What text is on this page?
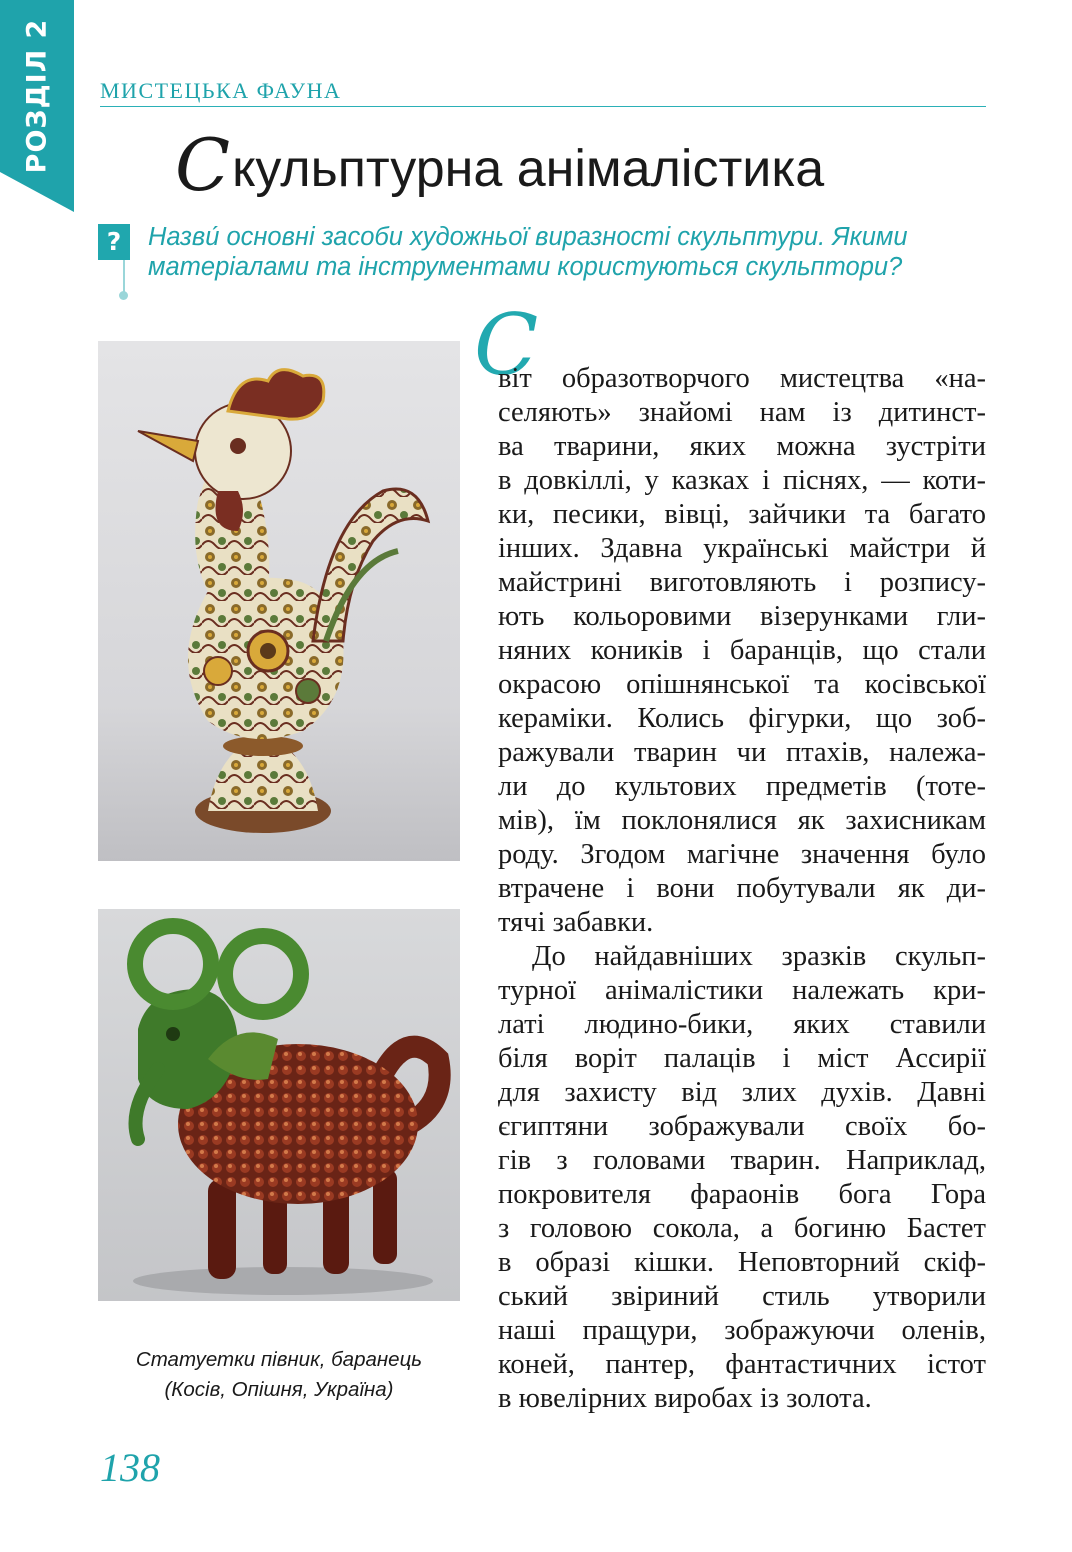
РОЗДІЛ 2 МИСТЕЦЬКА ФАУНА
Скульптурна анімалістика
?	Назви́ основні засоби художньої виразності скульптури. Якими
матеріалами та інструментами користуються скульптори?
Статуетки півник, баранець
(Косів, Опішня, Україна)
С
віт образотворчого мистецтва «на-
селяють» знайомі нам із дитинст-
ва тварини, яких можна зустріти
в довкіллі, у казках і піснях, — коти-
ки, песики, вівці, зайчики та багато
інших. Здавна українські майстри й
майстрині виготовляють і розпису-
ють кольоровими візерунками гли-
няних коників і баранців, що стали
окрасою опішнянської та косівської
кераміки. Колись фігурки, що зоб-
ражували тварин чи птахів, належа-
ли до культових предметів (тоте-
мів), їм поклонялися як захисникам
роду. Згодом магічне значення було
втрачене і вони побутували як ди-
тячі забавки.
До найдавніших зразків скульп-
турної анімалістики належать кри-
латі людино-бики, яких ставили
біля воріт палаців і міст Ассирії
для захисту від злих духів. Давні
єгиптяни зображували своїх бо-
гів з головами тварин. Наприклад,
покровителя фараонів бога Гора
з головою сокола, а богиню Бастет
в образі кішки. Неповторний скіф-
ський звіриний стиль утворили
наші пращури, зображуючи оленів,
коней, пантер, фантастичних істот
в ювелірних виробах із золота.
138
